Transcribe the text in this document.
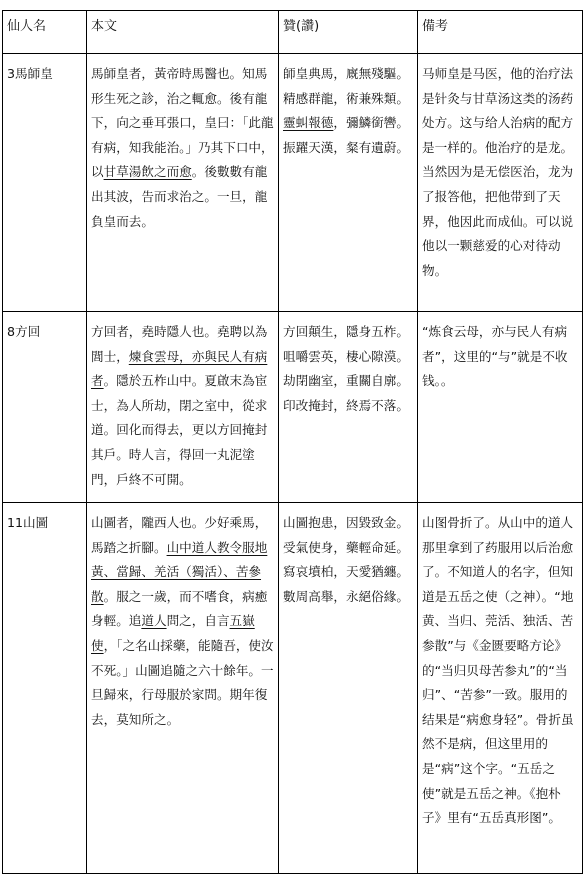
仙人名	本文	贊(讚)	備考
3馬師皇	馬師皇者，黃帝時馬醫也。知馬形生死之診，治之輒愈。後有龍下，向之垂耳張口，皇曰：「此龍有病，知我能治。」乃其下口中，以甘草湯飲之而愈。後數數有龍出其波，告而求治之。一旦，龍負皇而去。	師皇典馬，廐無殘驅。精感群龍，術兼殊類。靈虯報德，彌鱗銜轡。振躍天漢，粲有遺蔚。	马师皇是马医，他的治疗法是针灸与甘草汤这类的汤药处方。这与给人治病的配方是一样的。他治疗的是龙。当然因为是无偿医治，龙为了报答他，把他带到了天界，他因此而成仙。可以说他以一颗慈爱的心对待动物。
8方回	方回者，堯時隱人也。堯聘以為閭士，煉食雲母，亦與民人有病者。隱於五柞山中。夏啟末為宦士，為人所劫，閉之室中，從求道。回化而得去，更以方回掩封其戶。時人言，得回一丸泥塗門，戶終不可開。	方回顛生，隱身五柞。咀嚼雲英，棲心隙漠。劫閉幽室，重關自廓。印改掩封，終焉不落。	“炼食云母，亦与民人有病者”，这里的“与”就是不收钱。。
11山圖	山圖者，隴西人也。少好乘馬，馬踏之折腳。山中道人教令服地黃、當歸、羌活（獨活）、苦參散。服之一歲，而不嗜食，病癒身輕。追道人問之，自言五嶽使，「之名山採藥，能隨吾，使汝不死。」山圖追隨之六十餘年。一旦歸來，行母服於家問。期年復去，莫知所之。	山圖抱患，因毀致金。受氣使身，藥輕命延。寫哀墳柏，天愛猶纏。數周高舉，永絕俗緣。	山图骨折了。从山中的道人那里拿到了药服用以后治愈了。不知道人的名字，但知道是五岳之使（之神）。“地黄、当归、莞活、独活、苦参散”与《金匮要略方论》的“当归贝母苦参丸”的“当归”、“苦参”一致。服用的结果是“病愈身轻”。骨折虽然不是病，但这里用的是“病”这个字。“五岳之使”就是五岳之神。《抱朴子》里有“五岳真形图”。
